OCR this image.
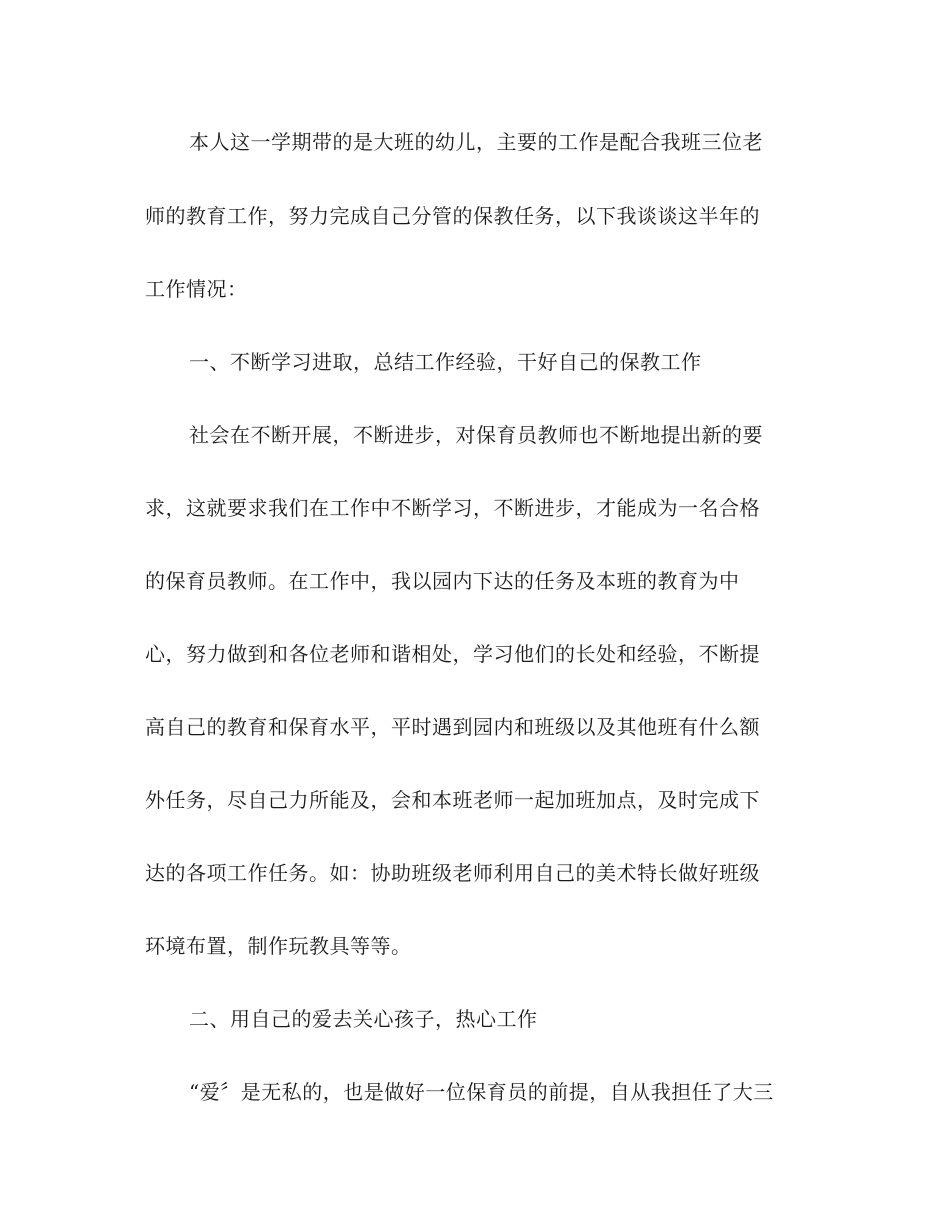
本人这一学期带的是大班的幼儿，主要的工作是配合我班三位老

师的教育工作，努力完成自己分管的保教任务，以下我谈谈这半年的

工作情况：

一、不断学习进取，总结工作经验，干好自己的保教工作

社会在不断开展，不断进步，对保育员教师也不断地提出新的要

求，这就要求我们在工作中不断学习，不断进步，才能成为一名合格

的保育员教师。在工作中，我以园内下达的任务及本班的教育为中

心，努力做到和各位老师和谐相处，学习他们的长处和经验，不断提

高自己的教育和保育水平，平时遇到园内和班级以及其他班有什么额

外任务，尽自己力所能及，会和本班老师一起加班加点，及时完成下

达的各项工作任务。如：协助班级老师利用自己的美术特长做好班级

环境布置，制作玩教具等等。

二、用自己的爱去关心孩子，热心工作

“爱〞是无私的，也是做好一位保育员的前提，自从我担任了大三
